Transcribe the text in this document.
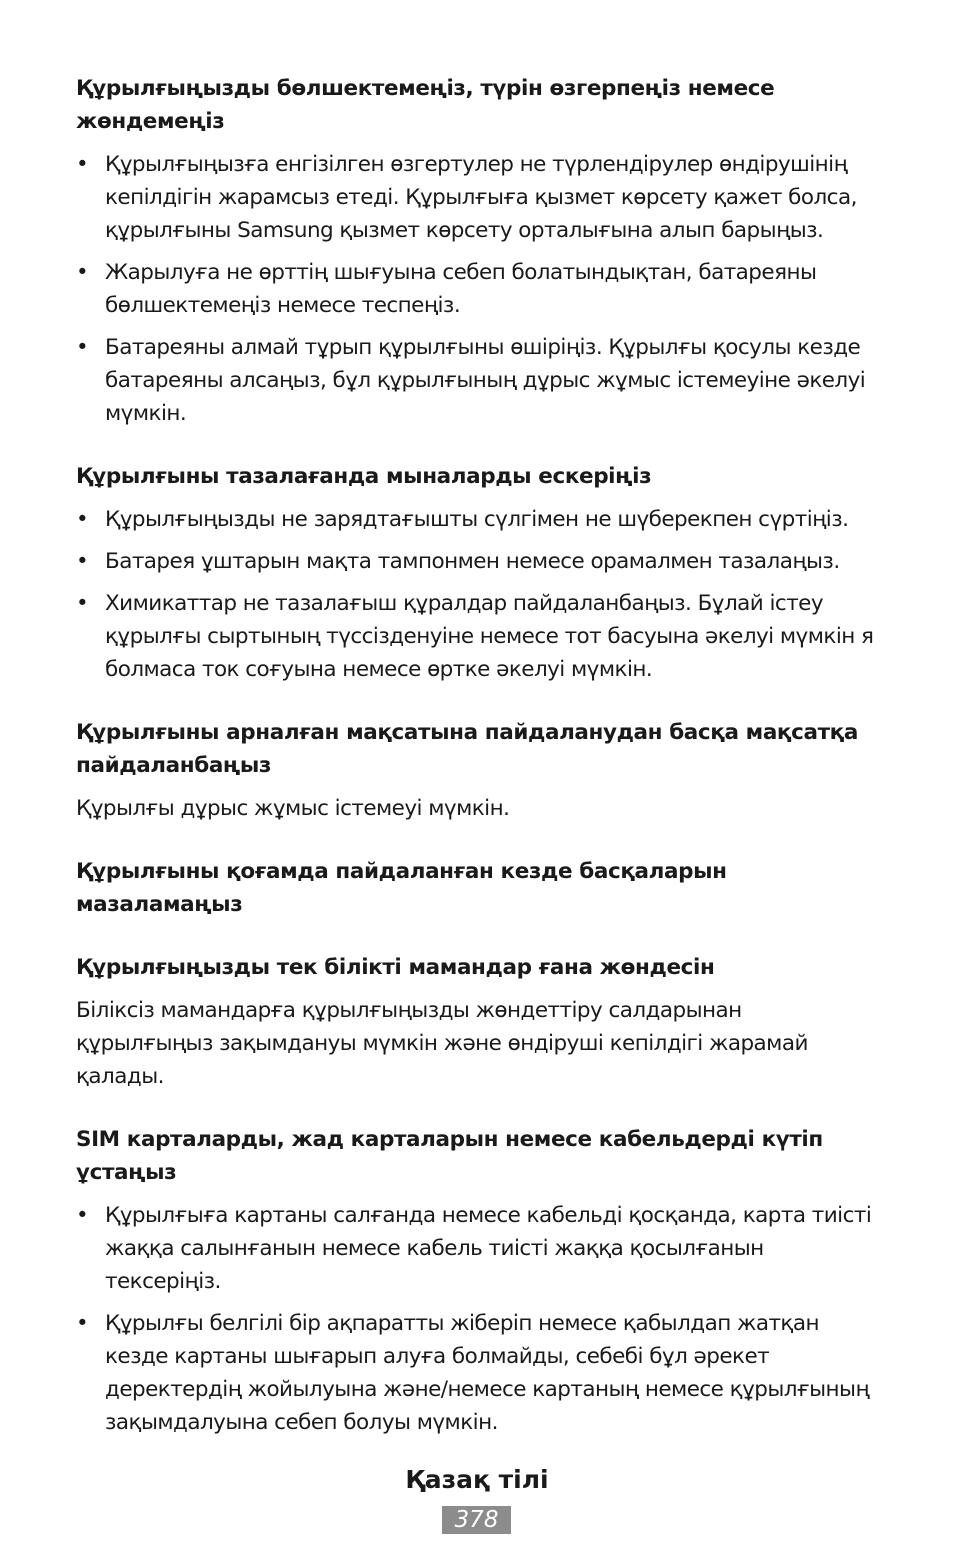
Құрылғыңызды бөлшектемеңіз, түрін өзгерпеңіз немесе жөндемеңіз

• Құрылғыңызға енгізілген өзгертулер не түрлендірулер өндірушінің кепілдігін жарамсыз етеді. Құрылғыға қызмет көрсету қажет болса, құрылғыны Samsung қызмет көрсету орталығына алып барыңыз.
• Жарылуға не өрттің шығуына себеп болатындықтан, батареяны бөлшектемеңіз немесе теспеңіз.
• Батареяны алмай тұрып құрылғыны өшіріңіз. Құрылғы қосулы кезде батареяны алсаңыз, бұл құрылғының дұрыс жұмыс істемеуіне әкелуі мүмкін.

Құрылғыны тазалағанда мыналарды ескеріңіз

• Құрылғыңызды не зарядтағышты сүлгімен не шүберекпен сүртіңіз.
• Батарея ұштарын мақта тампонмен немесе орамалмен тазалаңыз.
• Химикаттар не тазалағыш құралдар пайдаланбаңыз. Бұлай істеу құрылғы сыртының түссізденуіне немесе тот басуына әкелуі мүмкін я болмаса ток соғуына немесе өртке әкелуі мүмкін.

Құрылғыны арналған мақсатына пайдаланудан басқа мақсатқа пайдаланбаңыз

Құрылғы дұрыс жұмыс істемеуі мүмкін.

Құрылғыны қоғамда пайдаланған кезде басқаларын мазаламаңыз

Құрылғыңызды тек білікті мамандар ғана жөндесін

Біліксіз мамандарға құрылғыңызды жөндеттіру салдарынан құрылғыңыз зақымдануы мүмкін және өндіруші кепілдігі жарамай қалады.

SIM карталарды, жад карталарын немесе кабельдерді күтіп ұстаңыз

• Құрылғыға картаны салғанда немесе кабельді қосқанда, карта тиісті жаққа салынғанын немесе кабель тиісті жаққа қосылғанын тексеріңіз.
• Құрылғы белгілі бір ақпаратты жіберіп немесе қабылдап жатқан кезде картаны шығарып алуға болмайды, себебі бұл әрекет деректердің жойылуына және/немесе картаның немесе құрылғының зақымдалуына себеп болуы мүмкін.
Қазақ тілі
378
